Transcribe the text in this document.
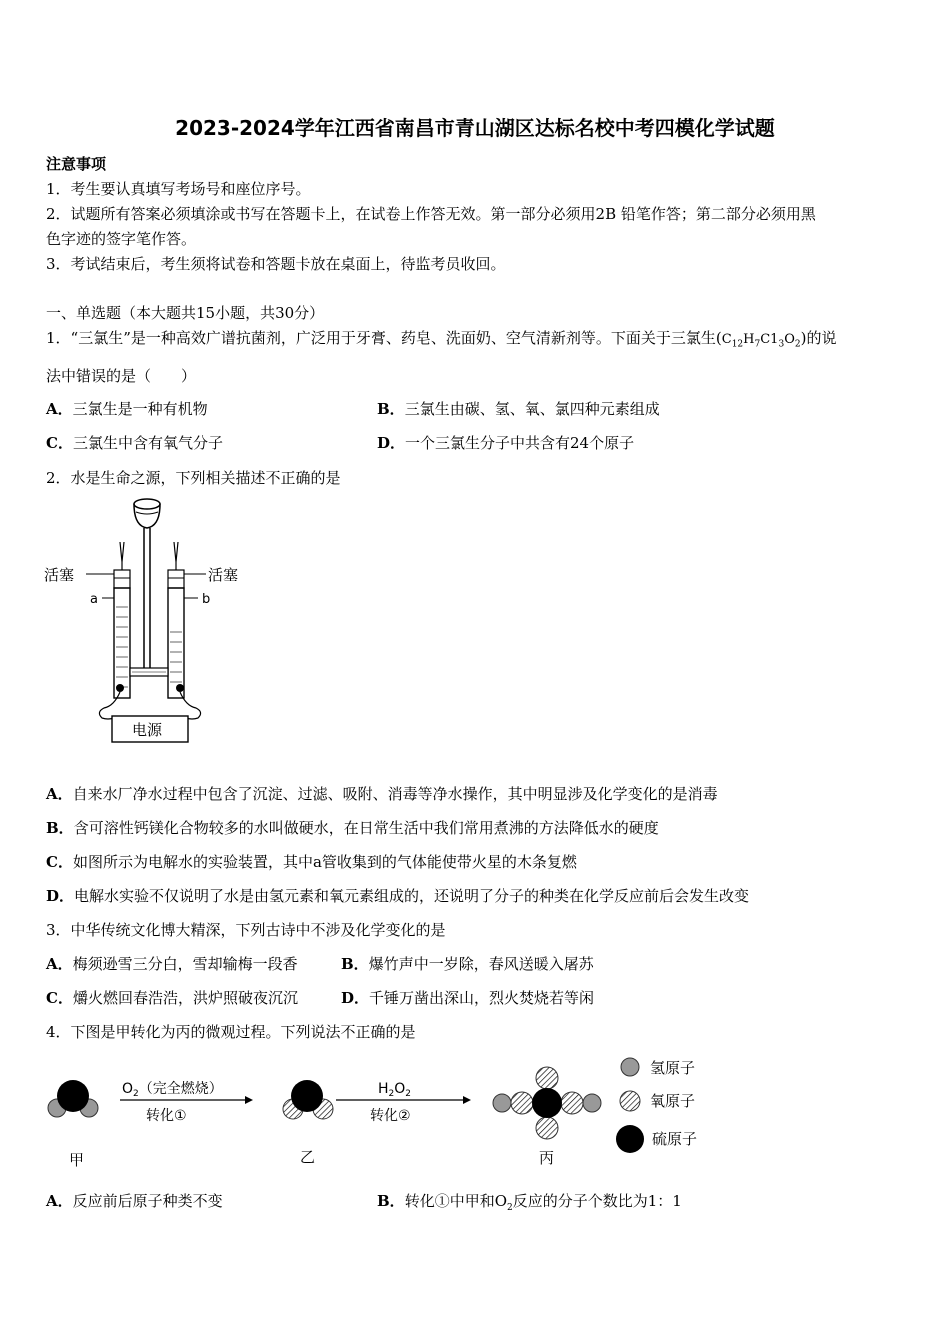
2023-2024学年江西省南昌市青山湖区达标名校中考四模化学试题
注意事项
1．考生要认真填写考场号和座位序号。
2．试题所有答案必须填涂或书写在答题卡上，在试卷上作答无效。第一部分必须用2B 铅笔作答；第二部分必须用黑
色字迹的签字笔作答。
3．考试结束后，考生须将试卷和答题卡放在桌面上，待监考员收回。
一、单选题（本大题共15小题，共30分）
1．“三氯生”是一种高效广谱抗菌剂，广泛用于牙膏、药皂、洗面奶、空气清新剂等。下面关于三氯生$(C_{12}H_7C1_3O_2)$的说
法中错误的是（　　）
A．三氯生是一种有机物	B．三氯生由碳、氢、氧、氯四种元素组成
C．三氯生中含有氧气分子	D．一个三氯生分子中共含有24个原子
2．水是生命之源，下列相关描述不正确的是
活塞	活塞
a	b
电源
A．自来水厂净水过程中包含了沉淀、过滤、吸附、消毒等净水操作，其中明显涉及化学变化的是消毒
B．含可溶性钙镁化合物较多的水叫做硬水，在日常生活中我们常用煮沸的方法降低水的硬度
C．如图所示为电解水的实验装置，其中a管收集到的气体能使带火星的木条复燃
D．电解水实验不仅说明了水是由氢元素和氧元素组成的，还说明了分子的种类在化学反应前后会发生改变
3．中华传统文化博大精深，下列古诗中不涉及化学变化的是
A．梅须逊雪三分白，雪却输梅一段香	B．爆竹声中一岁除，春风送暖入屠苏
C．爝火燃回春浩浩，洪炉照破夜沉沉	D．千锤万凿出深山，烈火焚烧若等闲
4．下图是甲转化为丙的微观过程。下列说法不正确的是
甲
$O_2$（完全燃烧）
转化①
乙
$H_2O_2$
转化②
丙
氢原子
氧原子
硫原子
A．反应前后原子种类不变	B．转化①中甲和$O_2$反应的分子个数比为1：1
